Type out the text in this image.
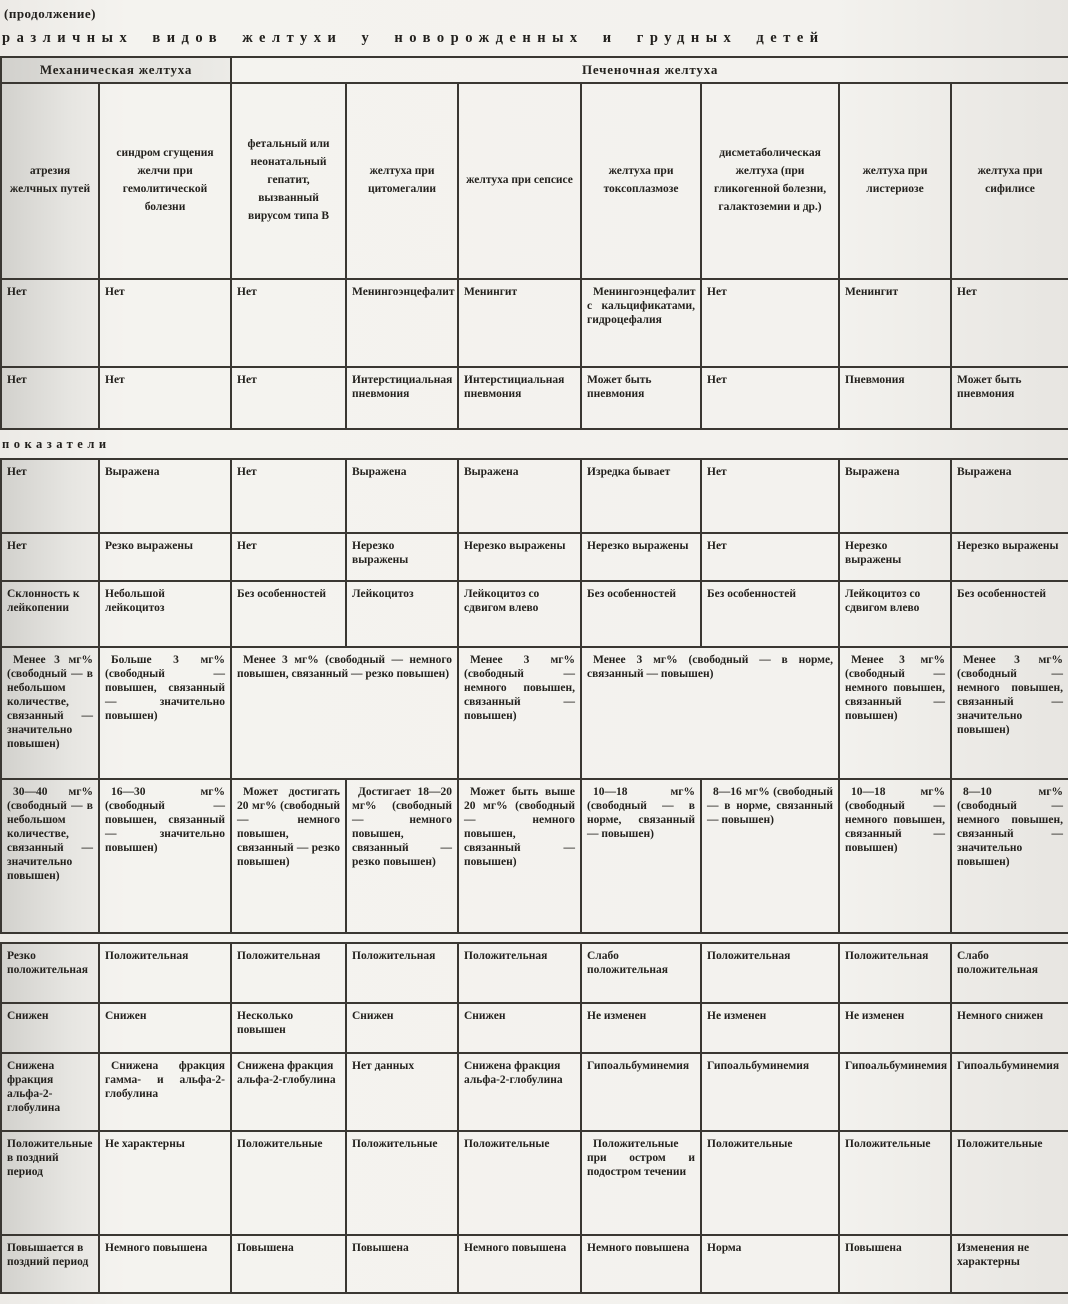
(продолжение)
различных видов желтухи у новорожденных и грудных детей
Механическая желтуха		Печеночная желтуха						
атрезия желчных путей	синдром сгущения желчи при гемолитической болезни	фетальный или неонатальный гепатит, вызванный вирусом типа В	желтуха при цитомегалии	желтуха при сепсисе	желтуха при токсоплазмозе	дисметаболическая желтуха (при гликогенной болезни, галактоземии и др.)	желтуха при листериозе	желтуха при сифилисе
Нет	Нет	Нет	Менингоэнцефалит	Менингит	Менингоэнцефалит с кальцификатами, гидроцефалия	Нет	Менингит	Нет
Нет	Нет	Нет	Интерстициальная пневмония	Интерстициальная пневмония	Может быть пневмония	Нет	Пневмония	Может быть пневмония
показатели
Нет	Выражена	Нет	Выражена	Выражена	Изредка бывает	Нет	Выражена	Выражена
Нет	Резко выражены	Нет	Нерезко выражены	Нерезко выражены	Нерезко выражены	Нет	Нерезко выражены	Нерезко выражены
Склонность к лейкопении	Небольшой лейкоцитоз	Без особенностей	Лейкоцитоз	Лейкоцитоз со сдвигом влево	Без особенностей	Без особенностей	Лейкоцитоз со сдвигом влево	Без особенностей
Менее 3 мг% (свободный — в небольшом количестве, связанный — значительно повышен)	Больше 3 мг% (свободный — повышен, связанный — значительно повышен)	Менее 3 мг% (свободный — немного повышен, связанный — резко повышен)		Менее 3 мг% (свободный — немного повышен, связанный — повышен)	Менее 3 мг% (свободный — в норме, связанный — повышен)		Менее 3 мг% (свободный — немного повышен, связанный — повышен)	Менее 3 мг% (свободный — немного повышен, связанный — значительно повышен)
30—40 мг% (свободный — в небольшом количестве, связанный — значительно повышен)	16—30 мг% (свободный — повышен, связанный — значительно повышен)	Может достигать 20 мг% (свободный — немного повышен, связанный — резко повышен)	Достигает 18—20 мг% (свободный — немного повышен, связанный — резко повышен)	Может быть выше 20 мг% (свободный — немного повышен, связанный — повышен)	10—18 мг% (свободный — в норме, связанный — повышен)	8—16 мг% (свободный — в норме, связанный — повышен)	10—18 мг% (свободный — немного повышен, связанный — повышен)	8—10 мг% (свободный — немного повышен, связанный — значительно повышен)
Резко положительная	Положительная	Положительная	Положительная	Положительная	Слабо положительная	Положительная	Положительная	Слабо положительная
Снижен	Снижен	Несколько повышен	Снижен	Снижен	Не изменен	Не изменен	Не изменен	Немного снижен
Снижена фракция альфа-2-глобулина	Снижена фракция гамма- и альфа-2-глобулина	Снижена фракция альфа-2-глобулина	Нет данных	Снижена фракция альфа-2-глобулина	Гипоальбуминемия	Гипоальбуминемия	Гипоальбуминемия	Гипоальбуминемия
Положительные в поздний период	Не характерны	Положительные	Положительные	Положительные	Положительные при остром и подостром течении	Положительные	Положительные	Положительные
Повышается в поздний период	Немного повышена	Повышена	Повышена	Немного повышена	Немного повышена	Норма	Повышена	Изменения не характерны
